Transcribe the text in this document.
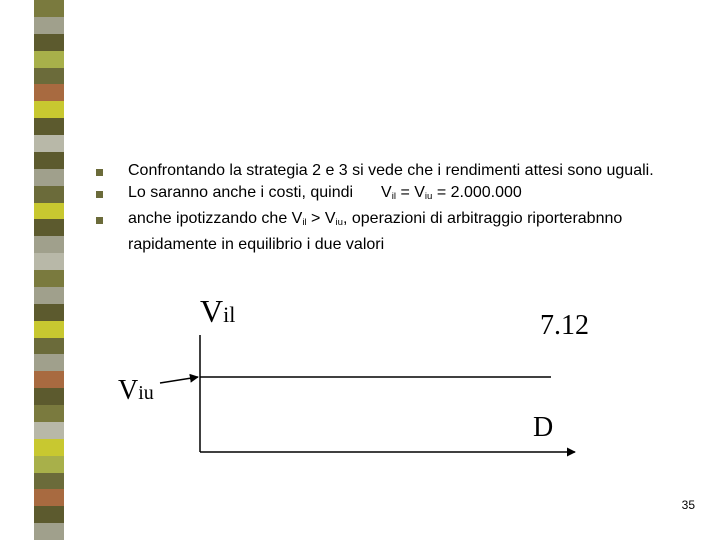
Confrontando la strategia 2 e 3 si vede che i rendimenti attesi sono uguali.
Lo saranno anche i costi, quindi $V_{il} = V_{iu} = 2.000.000$
anche ipotizzando che $V_{il} > V_{iu}$, operazioni di arbitraggio riporterabnno rapidamente in equilibrio i due valori
Vil	7.12
Viu
D
35
